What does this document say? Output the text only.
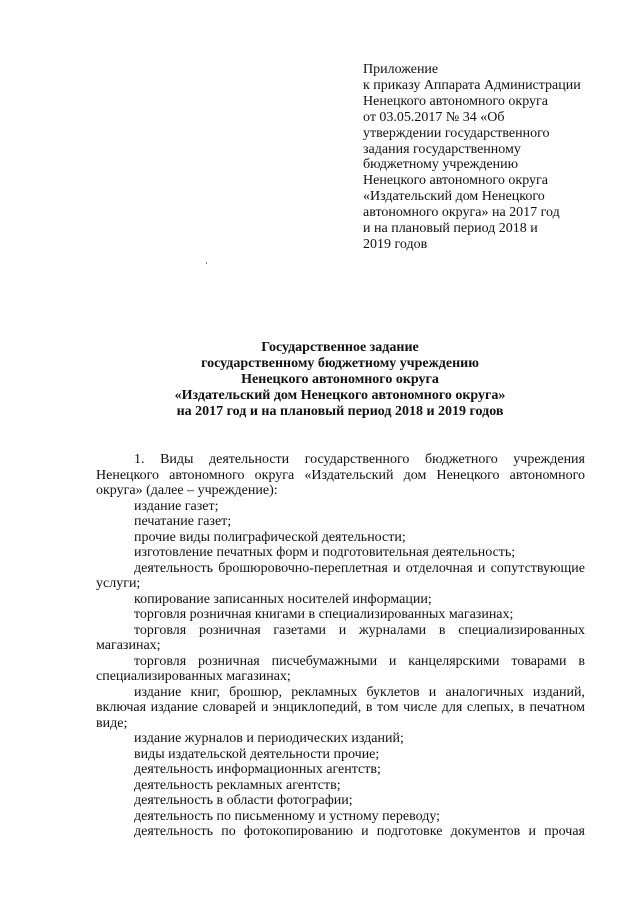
Приложение
к приказу Аппарата Администрации
Ненецкого автономного округа
от 03.05.2017 № 34 «Об
утверждении государственного
задания государственному
бюджетному учреждению
Ненецкого автономного округа
«Издательский дом Ненецкого
автономного округа» на 2017 год
и на плановый период 2018 и
2019 годов
Государственное задание
государственному бюджетному учреждению
Ненецкого автономного округа
«Издательский дом Ненецкого автономного округа»
на 2017 год и на плановый период 2018 и 2019 годов

1. Виды деятельности государственного бюджетного учреждения Ненецкого автономного округа «Издательский дом Ненецкого автономного округа» (далее – учреждение):

издание газет;

печатание газет;

прочие виды полиграфической деятельности;

изготовление печатных форм и подготовительная деятельность;

деятельность брошюровочно-переплетная и отделочная и сопутствующие услуги;

копирование записанных носителей информации;

торговля розничная книгами в специализированных магазинах;

торговля розничная газетами и журналами в специализированных магазинах;

торговля розничная писчебумажными и канцелярскими товарами в специализированных магазинах;

издание книг, брошюр, рекламных буклетов и аналогичных изданий, включая издание словарей и энциклопедий, в том числе для слепых, в печатном виде;

издание журналов и периодических изданий;

виды издательской деятельности прочие;

деятельность информационных агентств;

деятельность рекламных агентств;

деятельность в области фотографии;

деятельность по письменному и устному переводу;

деятельность по фотокопированию и подготовке документов и прочая
